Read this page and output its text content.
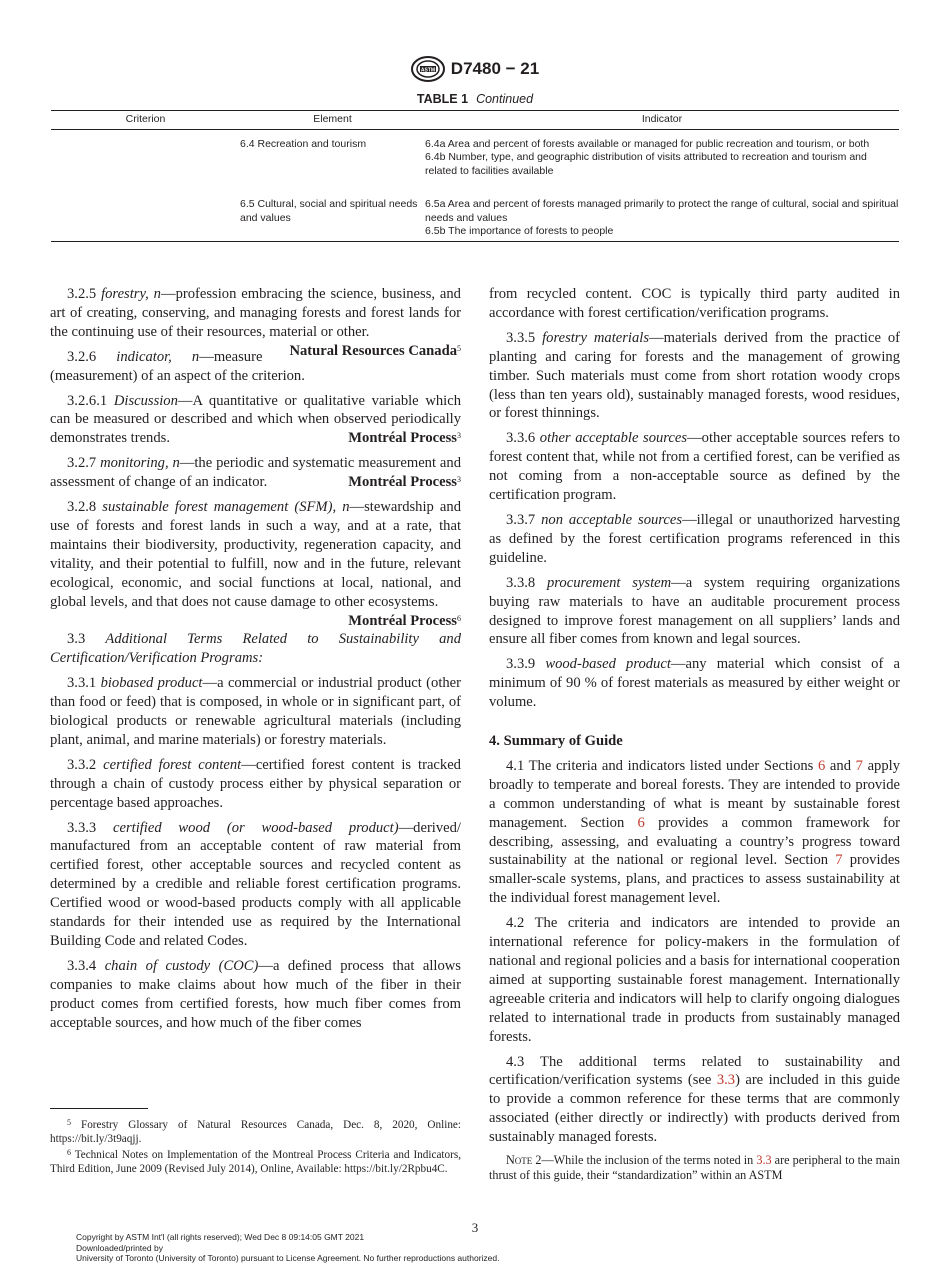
ASTM D7480 − 21
TABLE 1 Continued
Criterion	Element	Indicator
	6.4 Recreation and tourism	6.4a Area and percent of forests available or managed for public recreation and tourism, or both
6.4b Number, type, and geographic distribution of visits attributed to recreation and tourism and related to facilities available

	6.5 Cultural, social and spiritual needs and values	6.5a Area and percent of forests managed primarily to protect the range of cultural, social and spiritual needs and values
6.5b The importance of forests to people

3.2.5 forestry, n—profession embracing the science, business, and art of creating, conserving, and managing forests and forest lands for the continuing use of their resources, material or other.
Natural Resources Canada$^5$

3.2.6 indicator, n—measure (measurement) of an aspect of the criterion.

3.2.6.1 Discussion—A quantitative or qualitative variable which can be measured or described and which when observed periodically demonstrates trends.	Montréal Process$^3$

3.2.7 monitoring, n—the periodic and systematic measurement and assessment of change of an indicator.	Montréal Process$^3$

3.2.8 sustainable forest management (SFM), n—stewardship and use of forests and forest lands in such a way, and at a rate, that maintains their biodiversity, productivity, regeneration capacity, and vitality, and their potential to fulfill, now and in the future, relevant ecological, economic, and social functions at local, national, and global levels, and that does not cause damage to other ecosystems.
Montréal Process$^6$

3.3 Additional Terms Related to Sustainability and Certification/Verification Programs:

3.3.1 biobased product—a commercial or industrial product (other than food or feed) that is composed, in whole or in significant part, of biological products or renewable agricultural materials (including plant, animal, and marine materials) or forestry materials.

3.3.2 certified forest content—certified forest content is tracked through a chain of custody process either by physical separation or percentage based approaches.

3.3.3 certified wood (or wood-based product)—derived/ manufactured from an acceptable content of raw material from certified forest, other acceptable sources and recycled content as determined by a credible and reliable forest certification programs. Certified wood or wood-based products comply with all applicable standards for their intended use as required by the International Building Code and related Codes.

3.3.4 chain of custody (COC)—a defined process that allows companies to make claims about how much of the fiber in their product comes from certified forests, how much fiber comes from acceptable sources, and how much of the fiber comes

$^5$ Forestry Glossary of Natural Resources Canada, Dec. 8, 2020, Online: https://bit.ly/3t9aqjj.

$^6$ Technical Notes on Implementation of the Montreal Process Criteria and Indicators, Third Edition, June 2009 (Revised July 2014), Online, Available: https://bit.ly/2Rpbu4C.

from recycled content. COC is typically third party audited in accordance with forest certification/verification programs.

3.3.5 forestry materials—materials derived from the practice of planting and caring for forests and the management of growing timber. Such materials must come from short rotation woody crops (less than ten years old), sustainably managed forests, wood residues, or forest thinnings.

3.3.6 other acceptable sources—other acceptable sources refers to forest content that, while not from a certified forest, can be verified as not coming from a non-acceptable source as defined by the certification program.

3.3.7 non acceptable sources—illegal or unauthorized harvesting as defined by the forest certification programs referenced in this guideline.

3.3.8 procurement system—a system requiring organizations buying raw materials to have an auditable procurement process designed to improve forest management on all suppliers’ lands and ensure all fiber comes from known and legal sources.

3.3.9 wood-based product—any material which consist of a minimum of 90 % of forest materials as measured by either weight or volume.

4. Summary of Guide

4.1 The criteria and indicators listed under Sections 6 and 7 apply broadly to temperate and boreal forests. They are intended to provide a common understanding of what is meant by sustainable forest management. Section 6 provides a common framework for describing, assessing, and evaluating a country’s progress toward sustainability at the national or regional level. Section 7 provides smaller-scale systems, plans, and practices to assess sustainability at the individual forest management level.

4.2 The criteria and indicators are intended to provide an international reference for policy-makers in the formulation of national and regional policies and a basis for international cooperation aimed at supporting sustainable forest management. Internationally agreeable criteria and indicators will help to clarify ongoing dialogues related to international trade in products from sustainably managed forests.

4.3 The additional terms related to sustainability and certification/verification systems (see 3.3) are included in this guide to provide a common reference for these terms that are commonly associated (either directly or indirectly) with products derived from sustainably managed forests.

Note 2—While the inclusion of the terms noted in 3.3 are peripheral to the main thrust of this guide, their “standardization” within an ASTM

3
Copyright by ASTM Int'l (all rights reserved); Wed Dec 8 09:14:05 GMT 2021
Downloaded/printed by
University of Toronto (University of Toronto) pursuant to License Agreement. No further reproductions authorized.
